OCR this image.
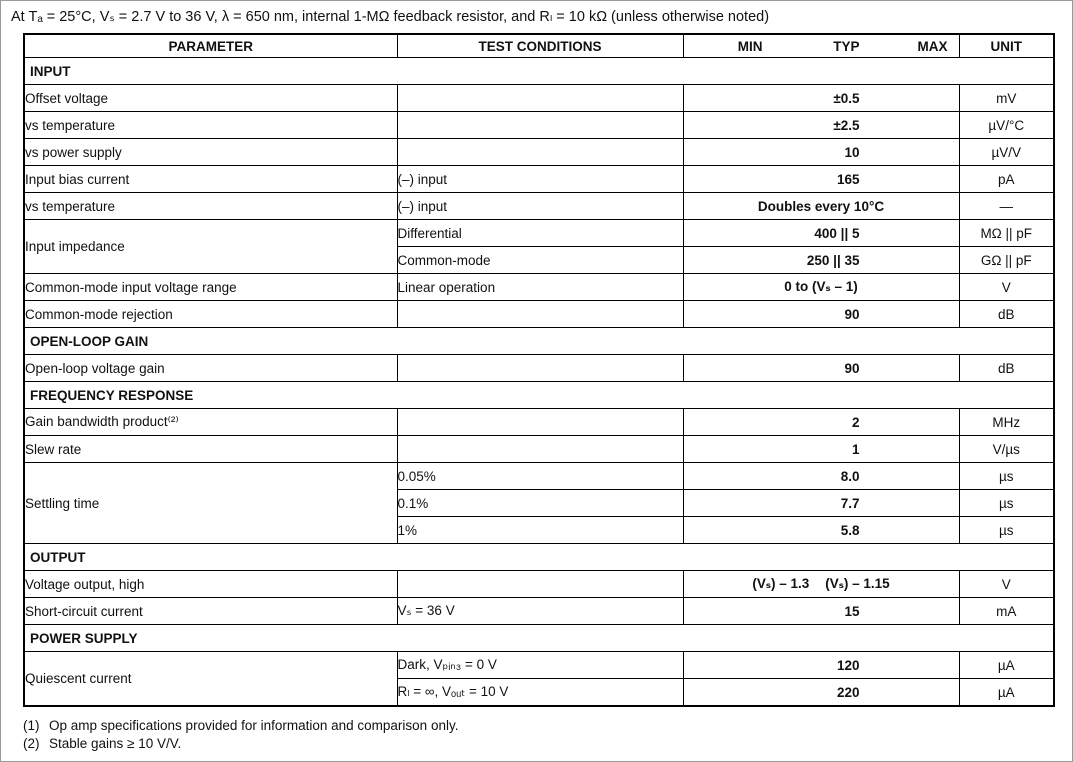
At Tₐ = 25°C, Vₛ = 2.7 V to 36 V, λ = 650 nm, internal 1-MΩ feedback resistor, and Rₗ = 10 kΩ (unless otherwise noted)
PARAMETER	TEST CONDITIONS	MIN TYP MAX	UNIT
INPUT			
Offset voltage		±0.5	mV
vs temperature		±2.5	µV/°C
vs power supply		10	µV/V
Input bias current	(–) input	165	pA
vs temperature	(–) input	Doubles every 10°C	—
Input impedance	Differential	400 || 5	MΩ || pF
	Common-mode	250 || 35	GΩ || pF
Common-mode input voltage range	Linear operation	0 to (Vₛ – 1)	V
Common-mode rejection		90	dB
OPEN-LOOP GAIN			
Open-loop voltage gain		90	dB
FREQUENCY RESPONSE			
Gain bandwidth product⁽²⁾		2	MHz
Slew rate		1	V/µs
Settling time	0.05%	8.0	µs
	0.1%	7.7	µs
	1%	5.8	µs
OUTPUT			
Voltage output, high		(Vₛ) – 1.3 (Vₛ) – 1.15	V
Short-circuit current	Vₛ = 36 V	15	mA
POWER SUPPLY			
Quiescent current	Dark, Vₚᵢₙ₃ = 0 V	120	µA
	Rₗ = ∞, Vₒᵤₜ = 10 V	220	µA
(1) Op amp specifications provided for information and comparison only.
(2) Stable gains ≥ 10 V/V.
